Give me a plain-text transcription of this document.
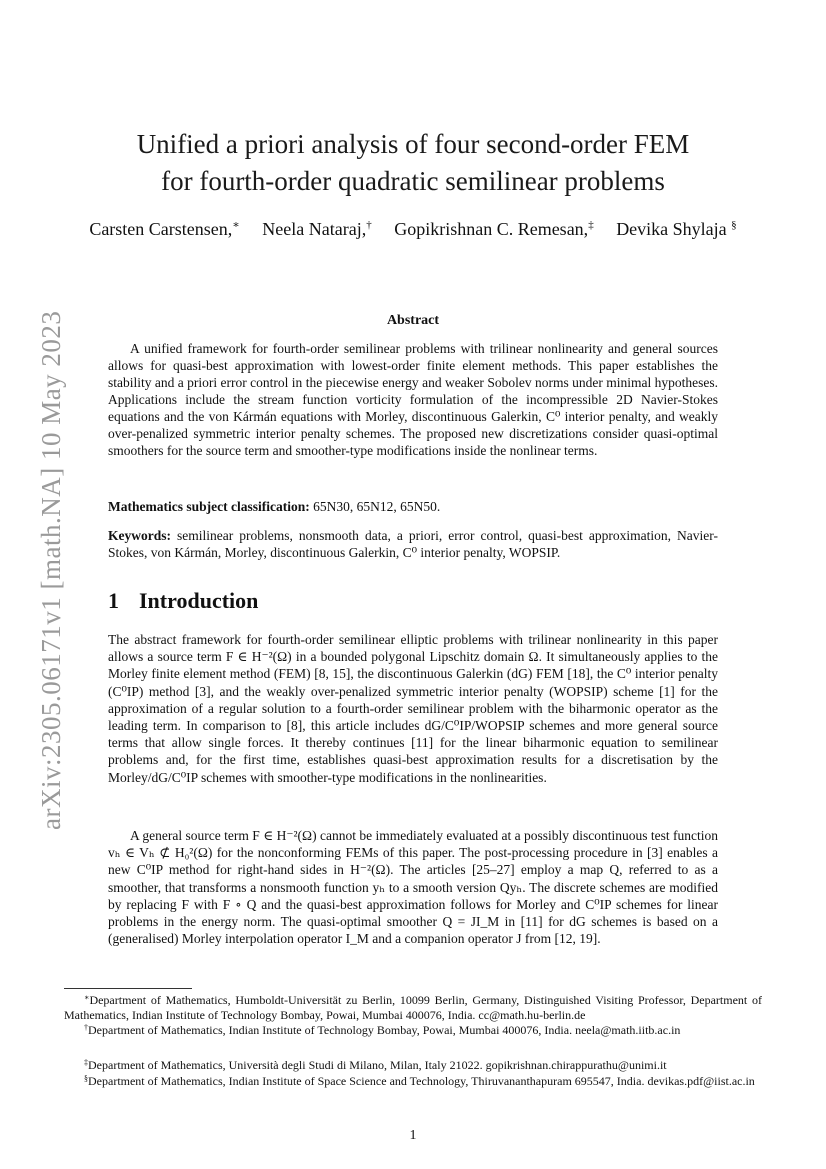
Unified a priori analysis of four second-order FEM
for fourth-order quadratic semilinear problems
Carsten Carstensen,∗ Neela Nataraj,† Gopikrishnan C. Remesan,‡ Devika Shylaja §
arXiv:2305.06171v1 [math.NA] 10 May 2023	Abstract

A unified framework for fourth-order semilinear problems with trilinear nonlinearity and general sources allows for quasi-best approximation with lowest-order finite element methods. This paper establishes the stability and a priori error control in the piecewise energy and weaker Sobolev norms under minimal hypotheses. Applications include the stream function vorticity formulation of the incompressible 2D Navier-Stokes equations and the von Kármán equations with Morley, discontinuous Galerkin, C⁰ interior penalty, and weakly over-penalized symmetric interior penalty schemes. The proposed new discretizations consider quasi-optimal smoothers for the source term and smoother-type modifications inside the nonlinear terms.

Mathematics subject classification: 65N30, 65N12, 65N50.

Keywords: semilinear problems, nonsmooth data, a priori, error control, quasi-best approximation, Navier-Stokes, von Kármán, Morley, discontinuous Galerkin, C⁰ interior penalty, WOPSIP.

1 Introduction

The abstract framework for fourth-order semilinear elliptic problems with trilinear nonlinearity in this paper allows a source term F ∈ H⁻²(Ω) in a bounded polygonal Lipschitz domain Ω. It simultaneously applies to the Morley finite element method (FEM) [8, 15], the discontinuous Galerkin (dG) FEM [18], the C⁰ interior penalty (C⁰IP) method [3], and the weakly over-penalized symmetric interior penalty (WOPSIP) scheme [1] for the approximation of a regular solution to a fourth-order semilinear problem with the biharmonic operator as the leading term. In comparison to [8], this article includes dG/C⁰IP/WOPSIP schemes and more general source terms that allow single forces. It thereby continues [11] for the linear biharmonic equation to semilinear problems and, for the first time, establishes quasi-best approximation results for a discretisation by the Morley/dG/C⁰IP schemes with smoother-type modifications in the nonlinearities.

A general source term F ∈ H⁻²(Ω) cannot be immediately evaluated at a possibly discontinuous test function vₕ ∈ Vₕ ⊄ H₀²(Ω) for the nonconforming FEMs of this paper. The post-processing procedure in [3] enables a new C⁰IP method for right-hand sides in H⁻²(Ω). The articles [25–27] employ a map Q, referred to as a smoother, that transforms a nonsmooth function yₕ to a smooth version Qyₕ. The discrete schemes are modified by replacing F with F ∘ Q and the quasi-best approximation follows for Morley and C⁰IP schemes for linear problems in the energy norm. The quasi-optimal smoother Q = JI_M in [11] for dG schemes is based on a (generalised) Morley interpolation operator I_M and a companion operator J from [12, 19].

∗Department of Mathematics, Humboldt-Universität zu Berlin, 10099 Berlin, Germany, Distinguished Visiting Professor, Department of Mathematics, Indian Institute of Technology Bombay, Powai, Mumbai 400076, India. cc@math.hu-berlin.de

†Department of Mathematics, Indian Institute of Technology Bombay, Powai, Mumbai 400076, India. neela@math.iitb.ac.in

‡Department of Mathematics, Università degli Studi di Milano, Milan, Italy 21022. gopikrishnan.chirappurathu@unimi.it

§Department of Mathematics, Indian Institute of Space Science and Technology, Thiruvananthapuram 695547, India. devikas.pdf@iist.ac.in

1
